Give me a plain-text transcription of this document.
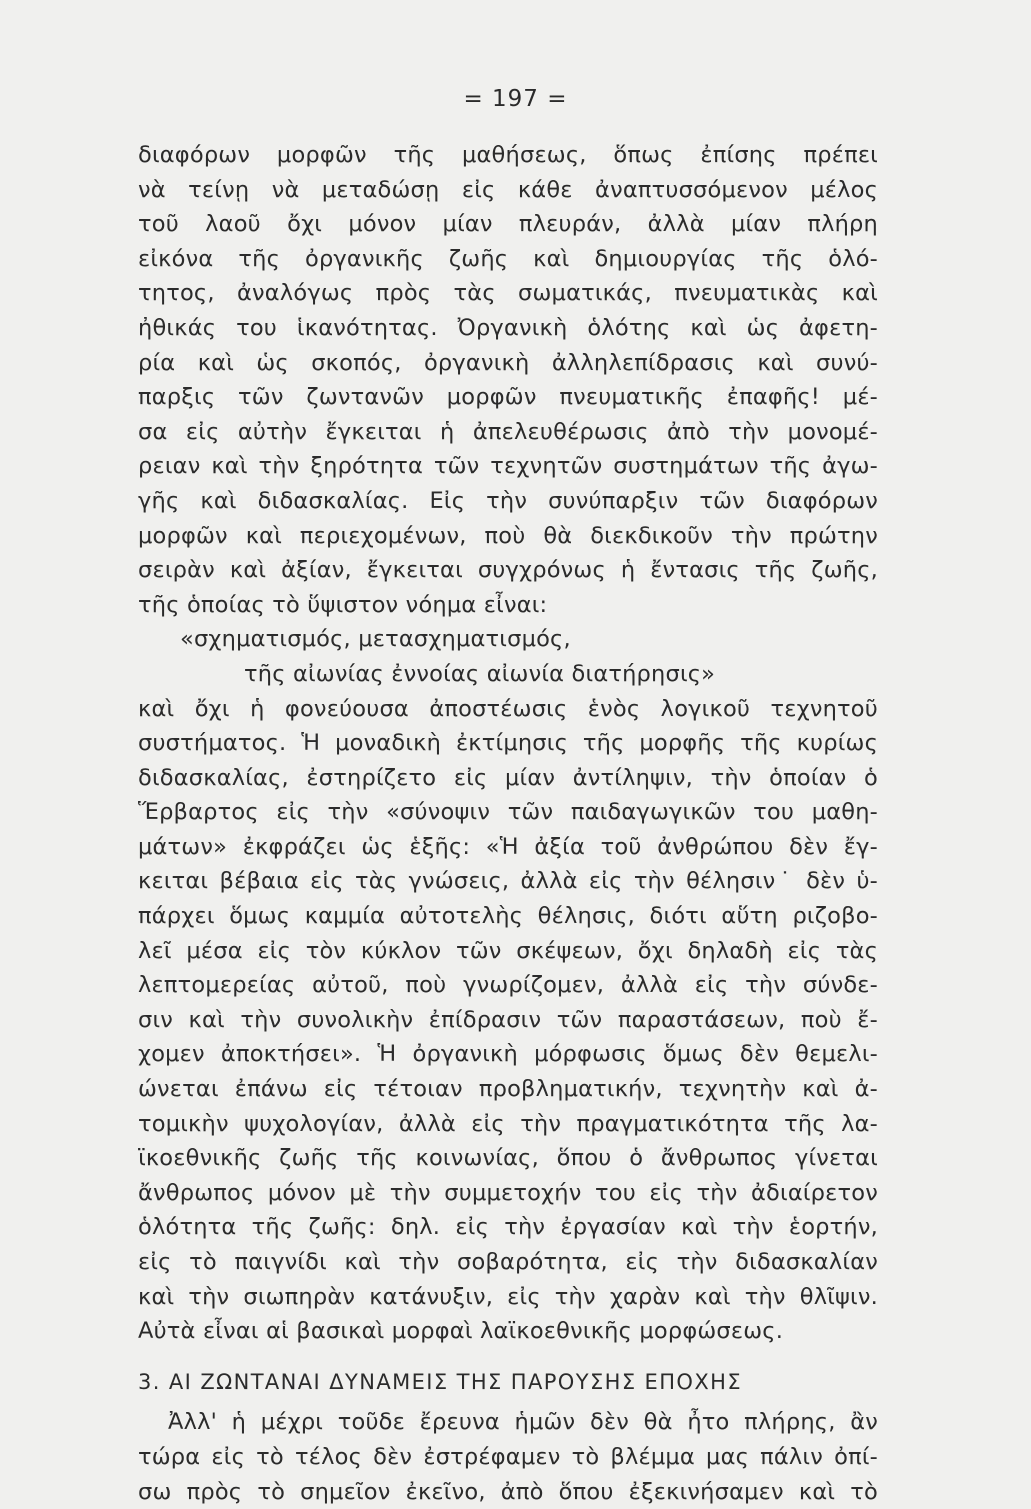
= 197 =
διαφόρων μορφῶν τῆς μαθήσεως, ὅπως ἐπίσης πρέπει
νὰ τείνῃ νὰ μεταδώσῃ εἰς κάθε ἀναπτυσσόμενον μέλος
τοῦ λαοῦ ὄχι μόνον μίαν πλευράν, ἀλλὰ μίαν πλήρη
εἰκόνα τῆς ὀργανικῆς ζωῆς καὶ δημιουργίας τῆς ὁλό-
τητος, ἀναλόγως πρὸς τὰς σωματικάς, πνευματικὰς καὶ
ἠθικάς του ἱκανότητας. Ὀργανικὴ ὁλότης καὶ ὡς ἀφετη-
ρία καὶ ὡς σκοπός, ὀργανικὴ ἀλληλεπίδρασις καὶ συνύ-
παρξις τῶν ζωντανῶν μορφῶν πνευματικῆς ἐπαφῆς! μέ-
σα εἰς αὐτὴν ἔγκειται ἡ ἀπελευθέρωσις ἀπὸ τὴν μονομέ-
ρειαν καὶ τὴν ξηρότητα τῶν τεχνητῶν συστημάτων τῆς ἀγω-
γῆς καὶ διδασκαλίας. Εἰς τὴν συνύπαρξιν τῶν διαφόρων
μορφῶν καὶ περιεχομένων, ποὺ θὰ διεκδικοῦν τὴν πρώτην
σειρὰν καὶ ἀξίαν, ἔγκειται συγχρόνως ἡ ἔντασις τῆς ζωῆς,
τῆς ὁποίας τὸ ὕψιστον νόημα εἶναι:
«σχηματισμός, μετασχηματισμός,
τῆς αἰωνίας ἐννοίας αἰωνία διατήρησις»
καὶ ὄχι ἡ φονεύουσα ἀποστέωσις ἑνὸς λογικοῦ τεχνητοῦ
συστήματος. Ἡ μοναδικὴ ἐκτίμησις τῆς μορφῆς τῆς κυρίως
διδασκαλίας, ἐστηρίζετο εἰς μίαν ἀντίληψιν, τὴν ὁποίαν ὁ
Ἕρβαρτος εἰς τὴν «σύνοψιν τῶν παιδαγωγικῶν του μαθη-
μάτων» ἐκφράζει ὡς ἑξῆς: «Ἡ ἀξία τοῦ ἀνθρώπου δὲν ἔγ-
κειται βέβαια εἰς τὰς γνώσεις, ἀλλὰ εἰς τὴν θέλησιν˙ δὲν ὑ-
πάρχει ὅμως καμμία αὐτοτελὴς θέλησις, διότι αὕτη ριζοβο-
λεῖ μέσα εἰς τὸν κύκλον τῶν σκέψεων, ὄχι δηλαδὴ εἰς τὰς
λεπτομερείας αὐτοῦ, ποὺ γνωρίζομεν, ἀλλὰ εἰς τὴν σύνδε-
σιν καὶ τὴν συνολικὴν ἐπίδρασιν τῶν παραστάσεων, ποὺ ἔ-
χομεν ἀποκτήσει». Ἡ ὀργανικὴ μόρφωσις ὅμως δὲν θεμελι-
ώνεται ἐπάνω εἰς τέτοιαν προβληματικήν, τεχνητὴν καὶ ἀ-
τομικὴν ψυχολογίαν, ἀλλὰ εἰς τὴν πραγματικότητα τῆς λα-
ϊκοεθνικῆς ζωῆς τῆς κοινωνίας, ὅπου ὁ ἄνθρωπος γίνεται
ἄνθρωπος μόνον μὲ τὴν συμμετοχήν του εἰς τὴν ἀδιαίρετον
ὁλότητα τῆς ζωῆς: δηλ. εἰς τὴν ἐργασίαν καὶ τὴν ἑορτήν,
εἰς τὸ παιγνίδι καὶ τὴν σοβαρότητα, εἰς τὴν διδασκαλίαν
καὶ τὴν σιωπηρὰν κατάνυξιν, εἰς τὴν χαρὰν καὶ τὴν θλῖψιν.
Αὐτὰ εἶναι αἱ βασικαὶ μορφαὶ λαϊκοεθνικῆς μορφώσεως.
3. ΑΙ ΖΩΝΤΑΝΑΙ ΔΥΝΑΜΕΙΣ ΤΗΣ ΠΑΡΟΥΣΗΣ ΕΠΟΧΗΣ
Ἀλλ' ἡ μέχρι τοῦδε ἔρευνα ἡμῶν δὲν θὰ ἦτο πλήρης, ἂν
τώρα εἰς τὸ τέλος δὲν ἐστρέφαμεν τὸ βλέμμα μας πάλιν ὀπί-
σω πρὸς τὸ σημεῖον ἐκεῖνο, ἀπὸ ὅπου ἐξεκινήσαμεν καὶ τὸ
